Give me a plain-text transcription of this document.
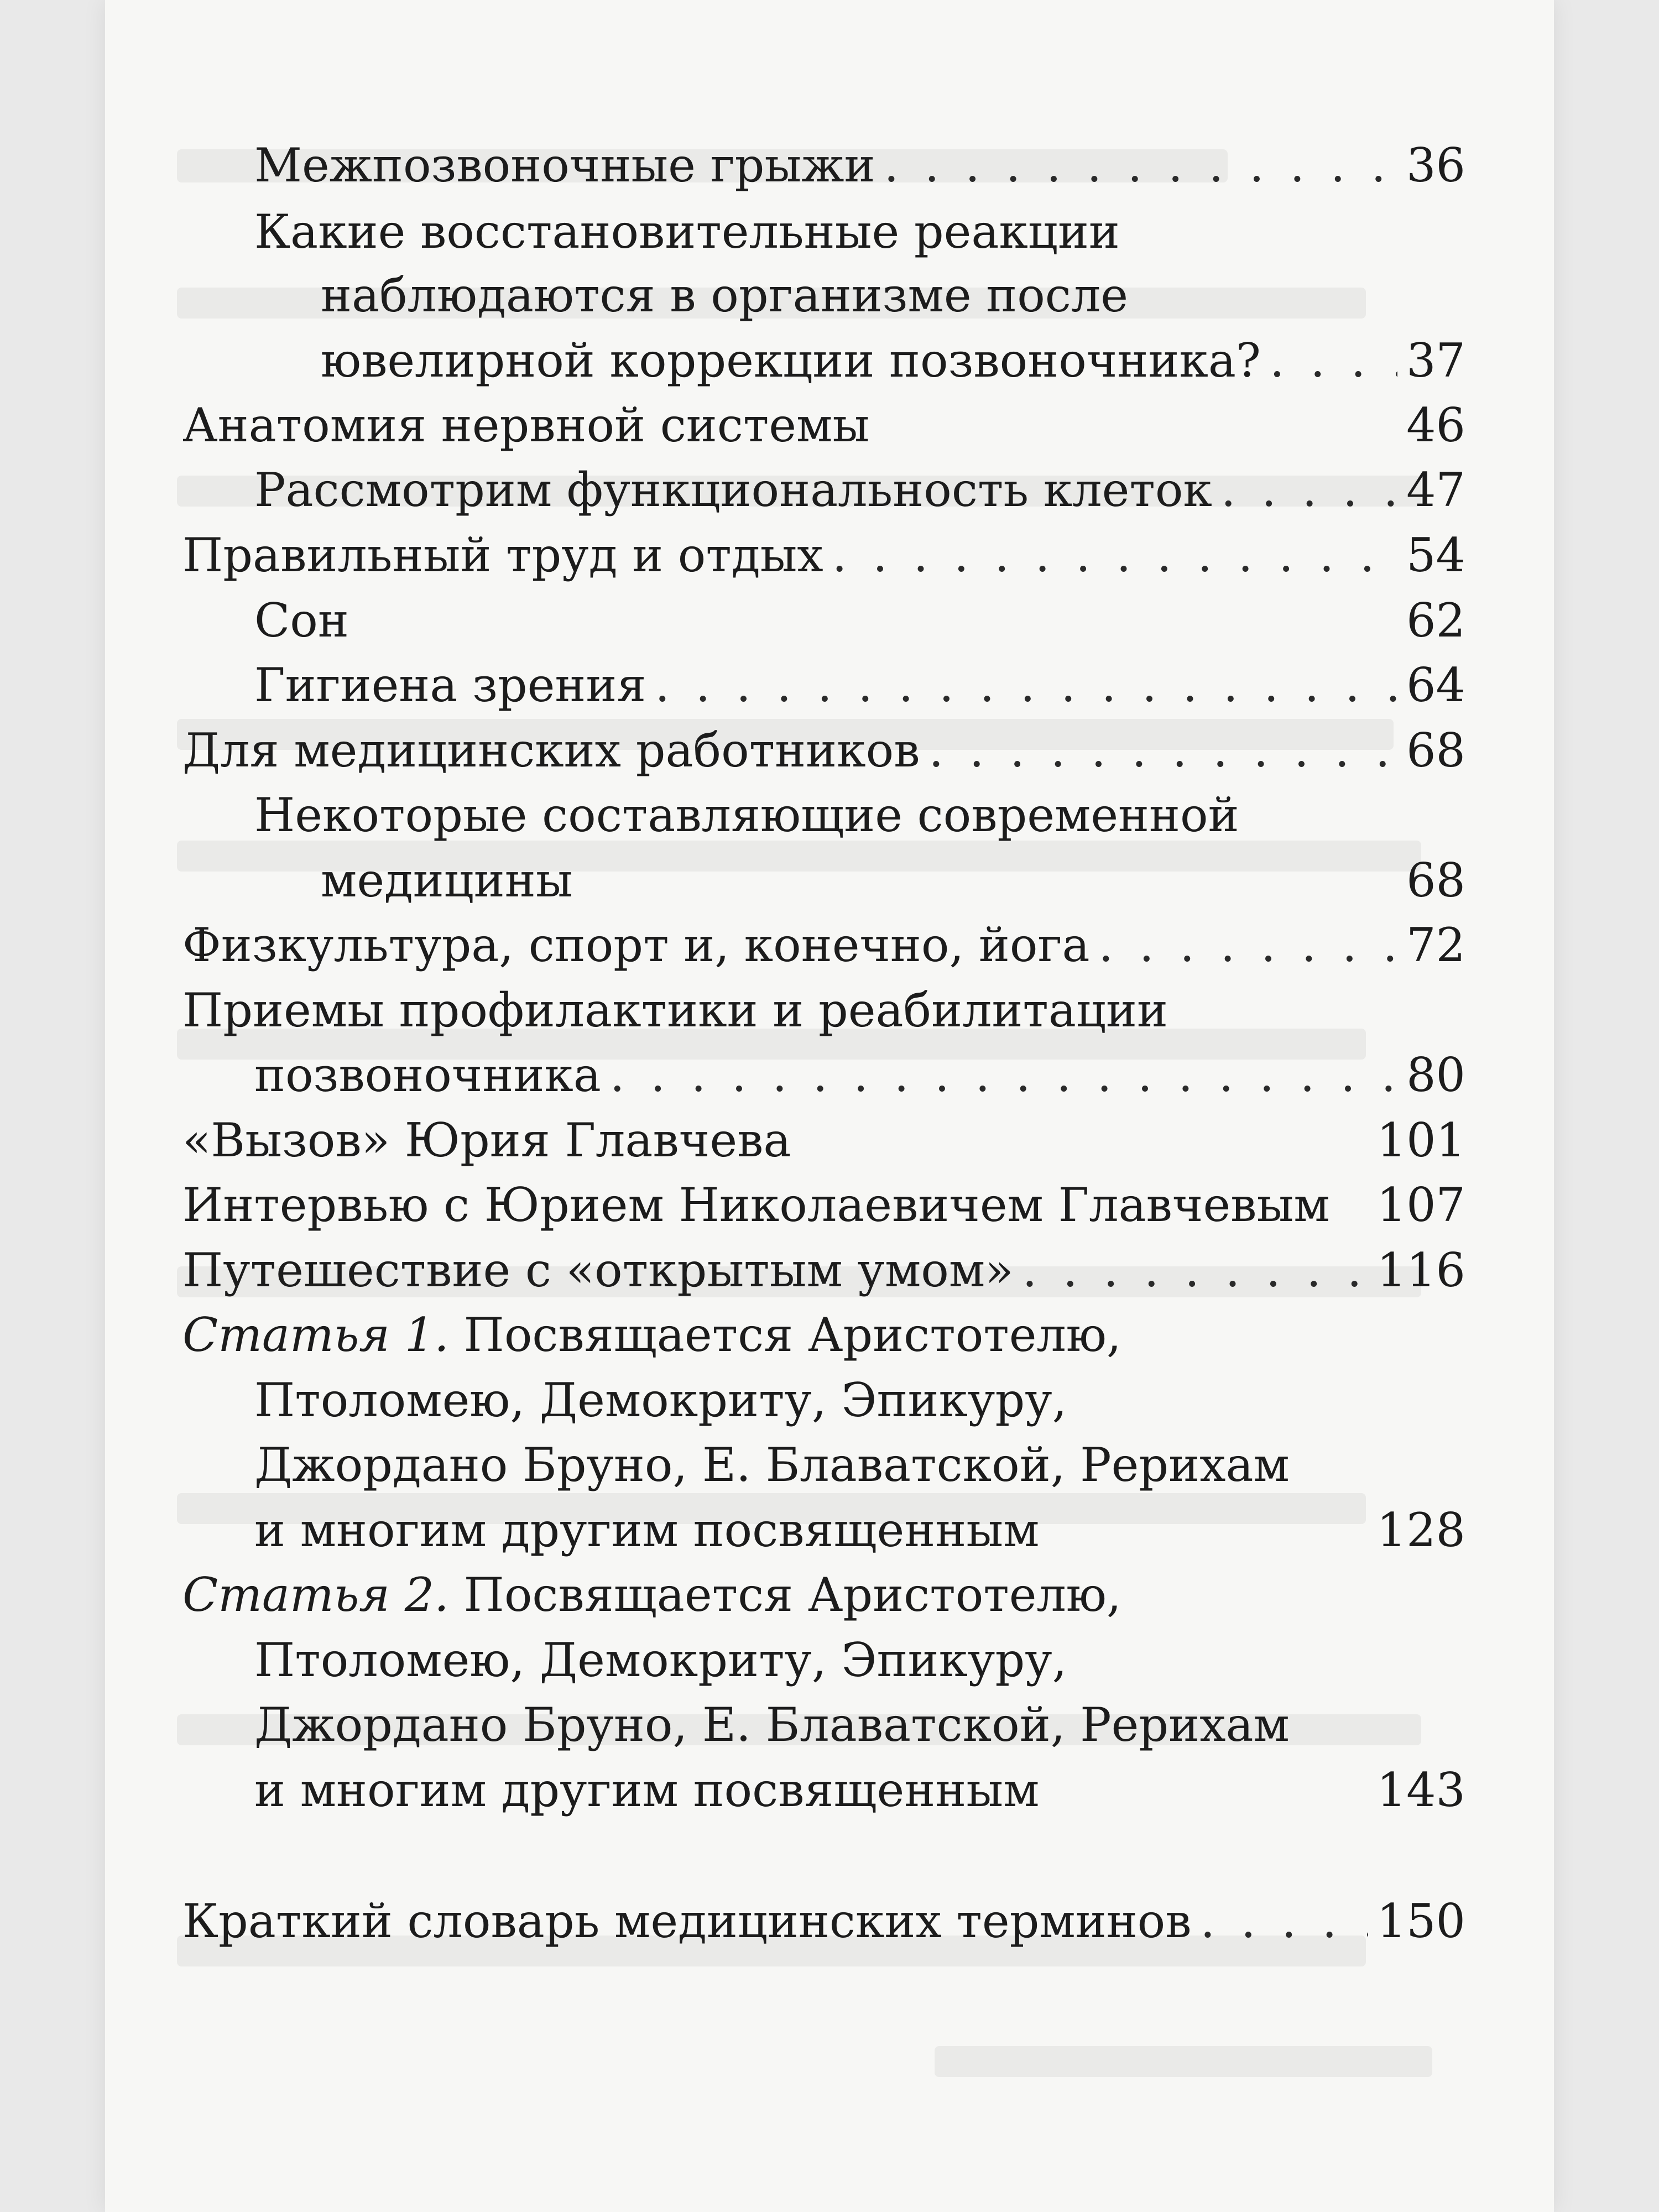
Межпозвоночные грыжи . . .	36
Какие восстановительные реакции
наблюдаются в организме после
ювелирной коррекции позвоночника? . . .	37
Анатомия нервной системы	46
Рассмотрим функциональность клеток . . .	47
Правильный труд и отдых . . .	54
Сон	62
Гигиена зрения . . .	64
Для медицинских работников . . .	68
Некоторые составляющие современной
медицины	68
Физкультура, спорт и, конечно, йога . . .	72
Приемы профилактики и реабилитации
позвоночника . . .	80
«Вызов» Юрия Главчева	101
Интервью с Юрием Николаевичем Главчевым 107
Путешествие с «открытым умом» . . .	116
Статья 1. Посвящается Аристотелю,
Птоломею, Демокриту, Эпикуру,
Джордано Бруно, Е. Блаватской, Рерихам
и многим другим посвященным	128
Статья 2. Посвящается Аристотелю,
Птоломею, Демокриту, Эпикуру,
Джордано Бруно, Е. Блаватской, Рерихам
и многим другим посвященным	143
Краткий словарь медицинских терминов . . .	150
